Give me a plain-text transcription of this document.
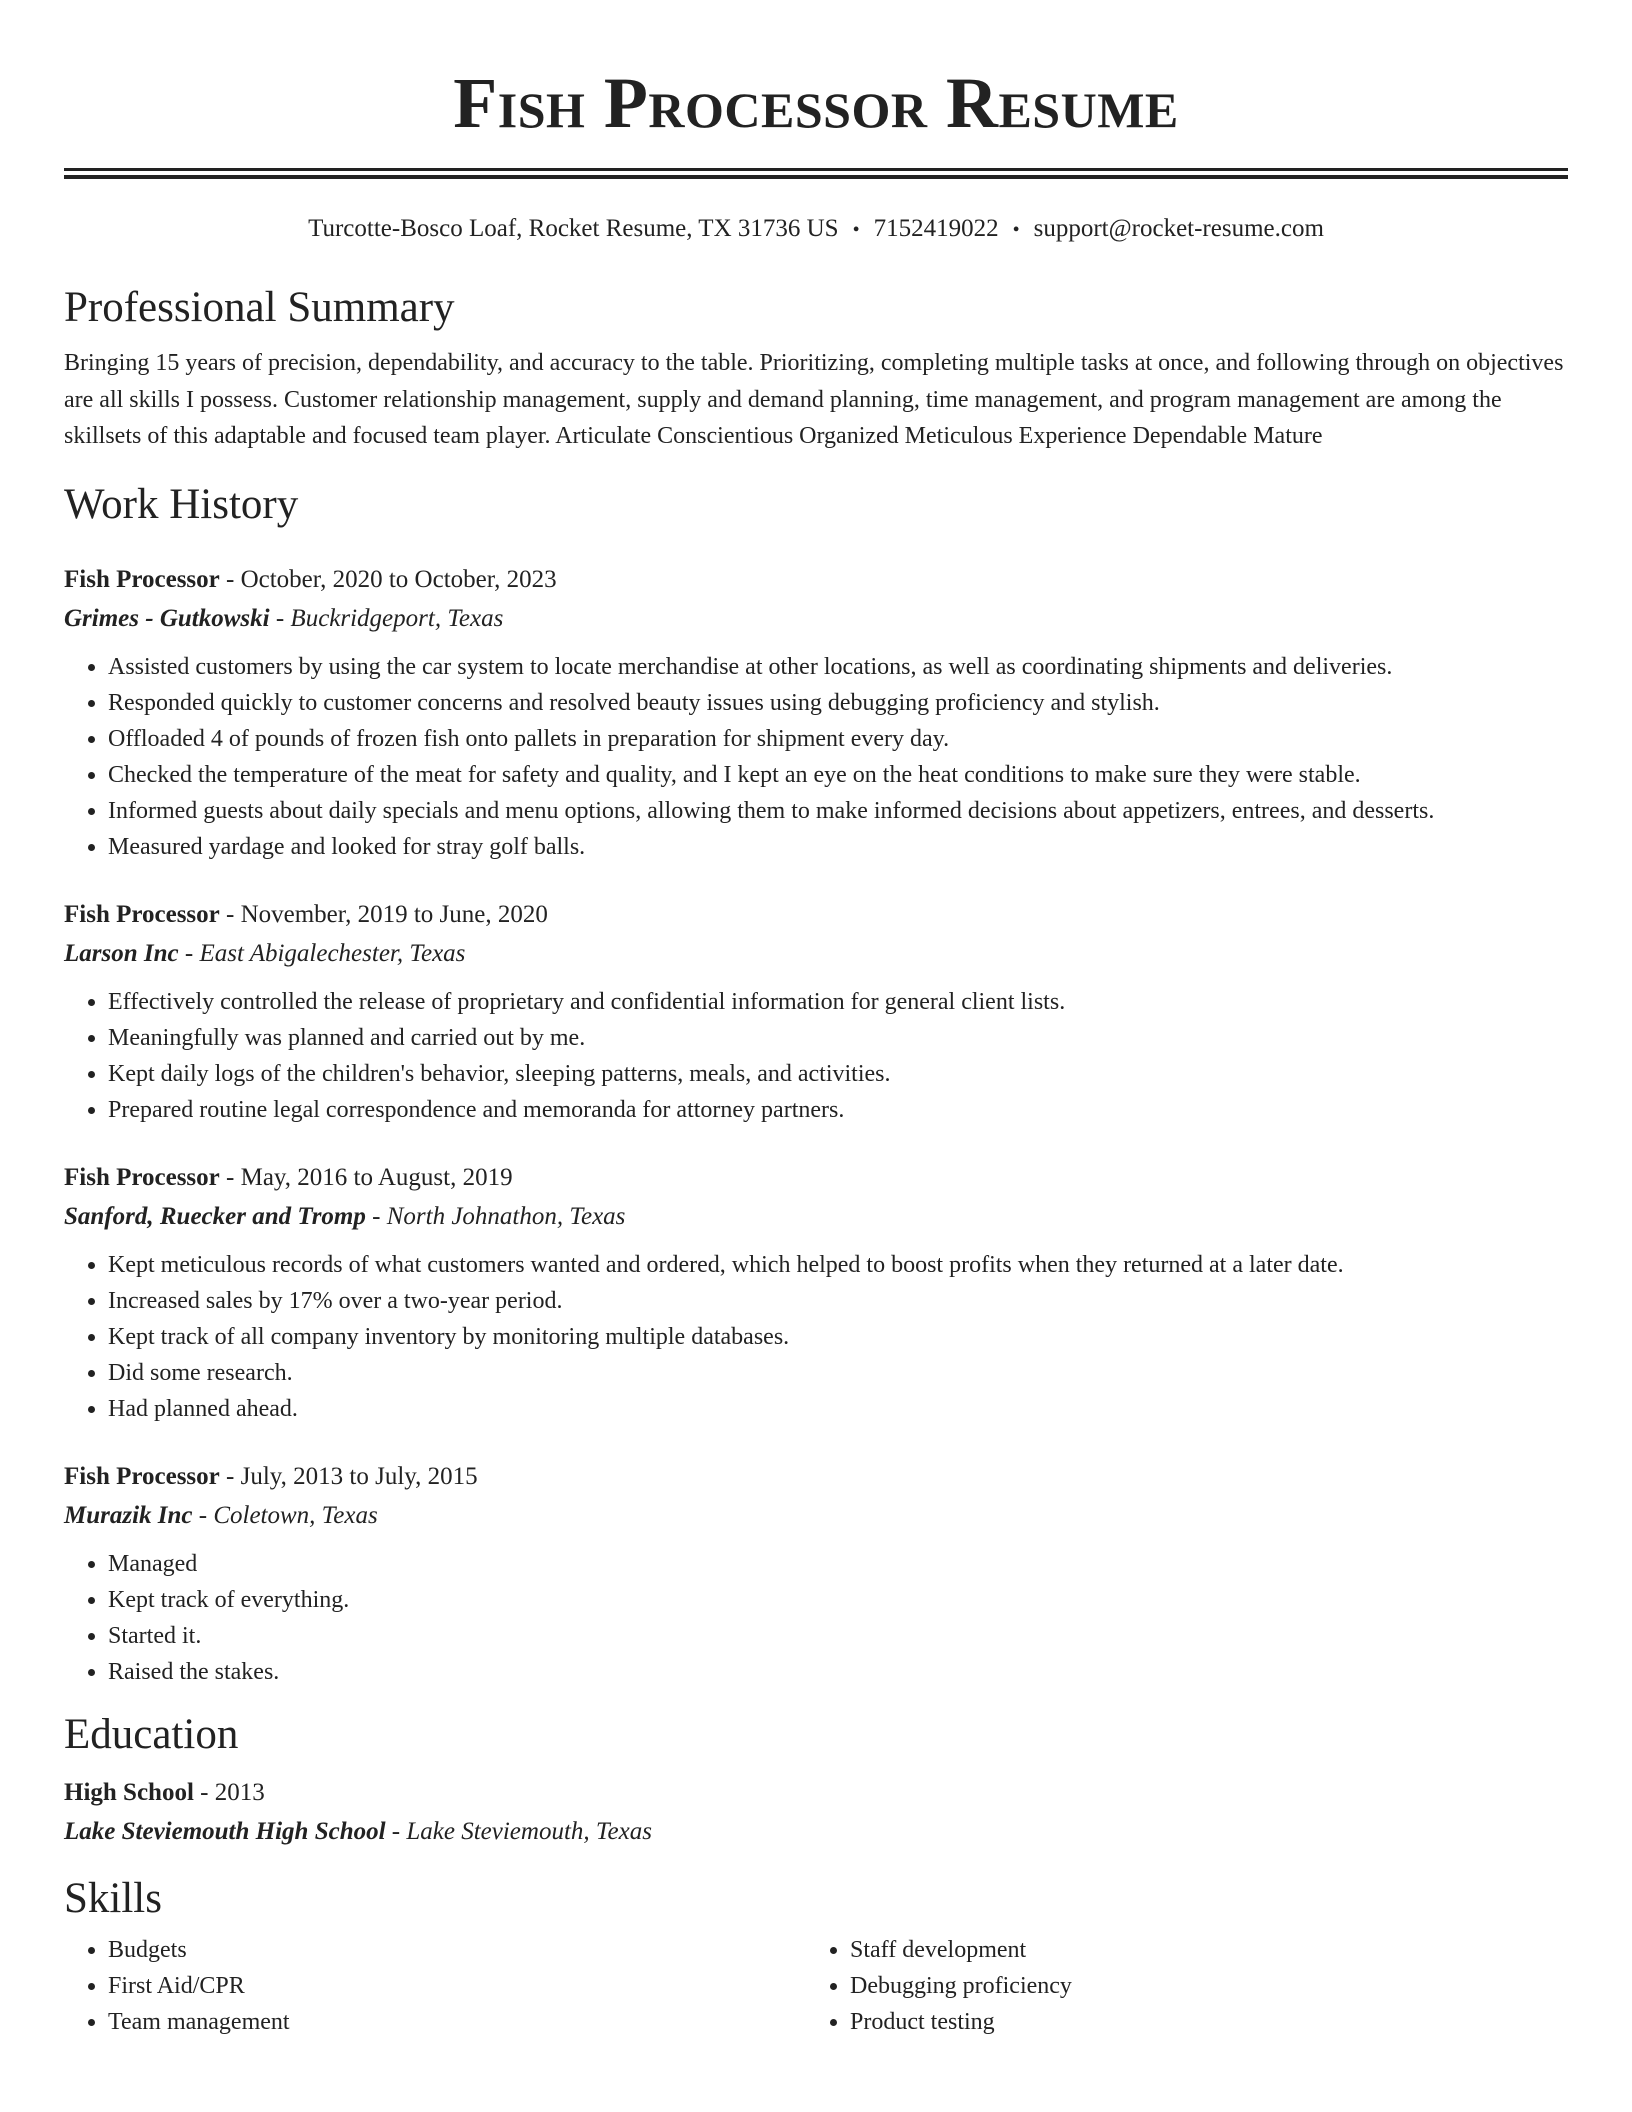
Fish Processor Resume
Turcotte-Bosco Loaf, Rocket Resume, TX 31736 US • 7152419022 • support@rocket-resume.com
Professional Summary
Bringing 15 years of precision, dependability, and accuracy to the table. Prioritizing, completing multiple tasks at once, and following through on objectives are all skills I possess. Customer relationship management, supply and demand planning, time management, and program management are among the skillsets of this adaptable and focused team player. Articulate Conscientious Organized Meticulous Experience Dependable Mature
Work History
Fish Processor - October, 2020 to October, 2023
Grimes - Gutkowski - Buckridgeport, Texas
• Assisted customers by using the car system to locate merchandise at other locations, as well as coordinating shipments and deliveries.
• Responded quickly to customer concerns and resolved beauty issues using debugging proficiency and stylish.
• Offloaded 4 of pounds of frozen fish onto pallets in preparation for shipment every day.
• Checked the temperature of the meat for safety and quality, and I kept an eye on the heat conditions to make sure they were stable.
• Informed guests about daily specials and menu options, allowing them to make informed decisions about appetizers, entrees, and desserts.
• Measured yardage and looked for stray golf balls.
Fish Processor - November, 2019 to June, 2020
Larson Inc - East Abigalechester, Texas
• Effectively controlled the release of proprietary and confidential information for general client lists.
• Meaningfully was planned and carried out by me.
• Kept daily logs of the children's behavior, sleeping patterns, meals, and activities.
• Prepared routine legal correspondence and memoranda for attorney partners.
Fish Processor - May, 2016 to August, 2019
Sanford, Ruecker and Tromp - North Johnathon, Texas
• Kept meticulous records of what customers wanted and ordered, which helped to boost profits when they returned at a later date.
• Increased sales by 17% over a two-year period.
• Kept track of all company inventory by monitoring multiple databases.
• Did some research.
• Had planned ahead.
Fish Processor - July, 2013 to July, 2015
Murazik Inc - Coletown, Texas
• Managed
• Kept track of everything.
• Started it.
• Raised the stakes.
Education
High School - 2013
Lake Steviemouth High School - Lake Steviemouth, Texas
Skills
• Budgets
• First Aid/CPR
• Team management
• Staff development
• Debugging proficiency
• Product testing
